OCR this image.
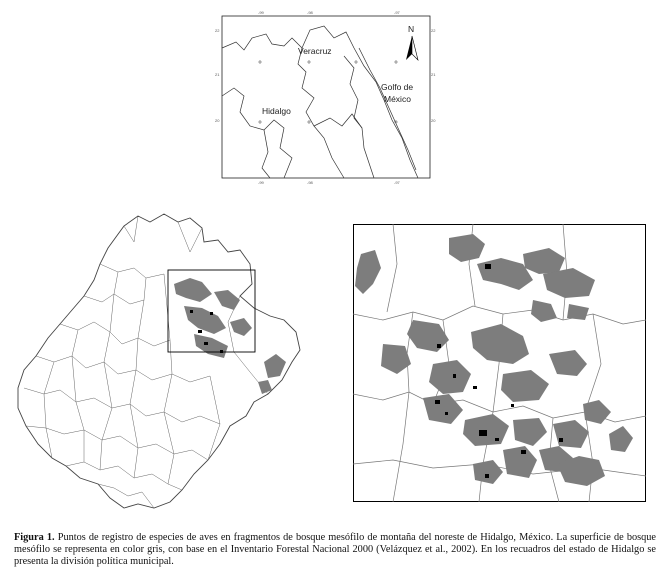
-99	-98	-97
-99	-98	-97
22
21
20
22
21
20
N
Veracruz
Hidalgo
Golfo de
México
Figura 1. Puntos de registro de especies de aves en fragmentos de bosque mesófilo de montaña del noreste de Hidalgo, México. La superficie de bosque mesófilo se representa en color gris, con base en el Inventario Forestal Nacional 2000 (Velázquez et al., 2002). En los recuadros del estado de Hidalgo se presenta la división política municipal.
